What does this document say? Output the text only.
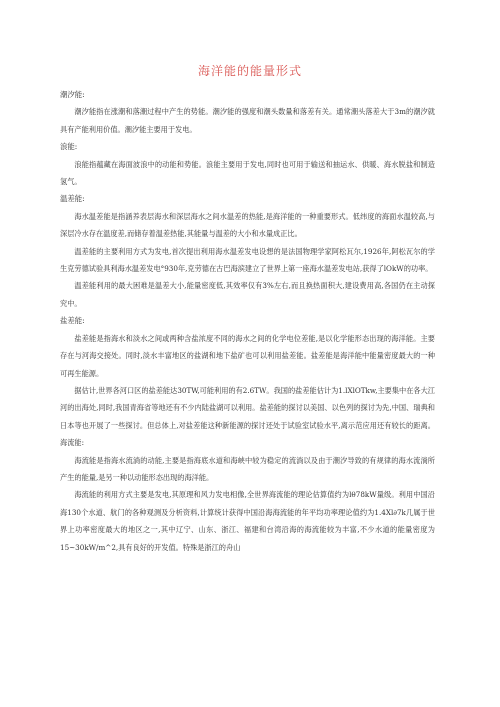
海洋能的能量形式
潮汐能:

潮汐能指在涨潮和落潮过程中产生的势能。潮汐能的强度和潮头数量和落差有关。通常潮头落差大于3m的潮汐就具有产能利用价值。潮汐能主要用于发电。

浪能:

浪能指蕴藏在海面波浪中的动能和势能。浪能主要用于发电,同时也可用于输送和抽运水、供暖、海水脱盐和制造氢气。

温差能:

海水温差能是指涵养表层海水和深层海水之间水温差的热能,是海洋能的一种重要形式。低纬度的海面水温较高,与深层冷水存在温度差,而储存着温差热能,其能量与温差的大小和水量成正比。

温差能的主要利用方式为发电,首次提出利用海水温差发电设想的是法国物理学家阿松瓦尔,1926年,阿松瓦尔的学生克劳德试验具利海水温差发电°930年,克劳德在古巴海滨建立了世界上第一座海水温差发电站,获得了lOkW的功率。

温差能利用的最大困难是温差大小,能量密度低,其效率仅有3%左右,而且换热面积大,建设费用高,各国仍在主动探究中。

盐差能:

盐差能是指海水和淡水之间或两种含盐浓度不同的海水之间的化学电位差能,是以化学能形态出现的海洋能。主要存在与河海交接处。同时,淡水丰富地区的盐湖和地下盐矿也可以利用盐差能。盐差能是海洋能中能量密度最大的一种可再生能源。

据估计,世界各河口区的盐差能达30TW,可能利用的有2.6TW。我国的盐差能估计为1.lXlOTkw,主要集中在各大江河的出海处,同时,我国青海省等地还有不少内陆盐湖可以利用。盐差能的探讨以美国、以色列的探讨为先,中国、瑞典和日本等也开展了一些探讨。但总体上,对盐差能这种新能源的探讨还处于试验室试验水平,离示范应用还有较长的距离。海流能:

海流能是指海水流淌的动能,主要是指海底水道和海峡中较为稳定的流淌以及由于潮汐导致的有规律的海水流淌所产生的能量,是另一种以动能形态出现的海洋能。

海流能的利用方式主要是发电,其原理和风力发电相像,全世界海流能的理论估算值约为lθ78kW量级。利用中国沿海130个水道、航门的各种观测及分析资料,计算统计获得中国沿海海流能的年平均功率理论值约为1.4Xl∂7k几属于世界上功率密度最大的地区之一,其中辽宁、山东、浙江、福建和台湾沿海的海流能较为丰富,不少水道的能量密度为15~30kW/m^2,具有良好的开发值。特殊是浙江的舟山
